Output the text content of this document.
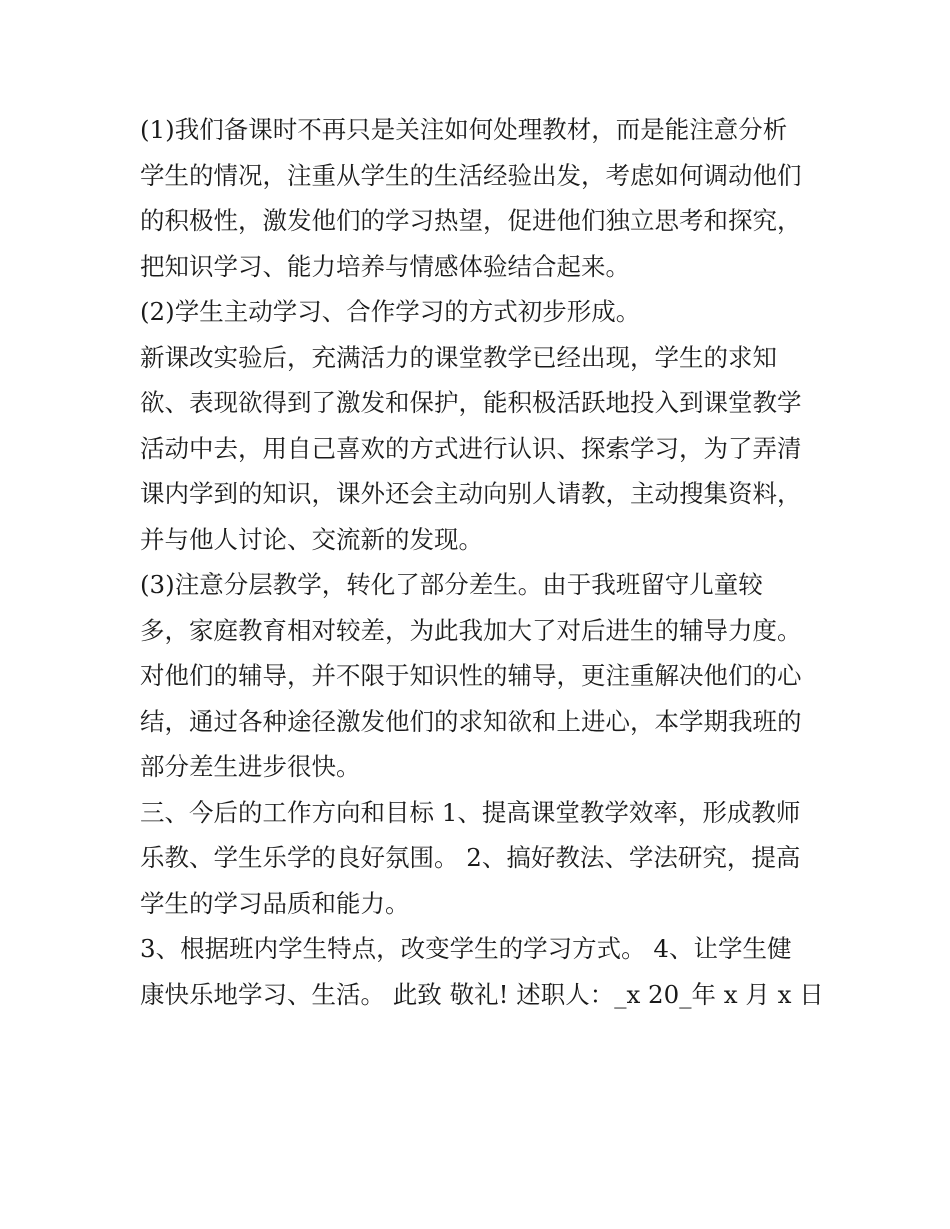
(1)我们备课时不再只是关注如何处理教材，而是能注意分析
学生的情况，注重从学生的生活经验出发，考虑如何调动他们
的积极性，激发他们的学习热望，促进他们独立思考和探究，
把知识学习、能力培养与情感体验结合起来。
(2)学生主动学习、合作学习的方式初步形成。
新课改实验后，充满活力的课堂教学已经出现，学生的求知
欲、表现欲得到了激发和保护，能积极活跃地投入到课堂教学
活动中去，用自己喜欢的方式进行认识、探索学习，为了弄清
课内学到的知识，课外还会主动向别人请教，主动搜集资料，
并与他人讨论、交流新的发现。
(3)注意分层教学，转化了部分差生。由于我班留守儿童较
多，家庭教育相对较差，为此我加大了对后进生的辅导力度。
对他们的辅导，并不限于知识性的辅导，更注重解决他们的心
结，通过各种途径激发他们的求知欲和上进心，本学期我班的
部分差生进步很快。
三、今后的工作方向和目标 1、提高课堂教学效率，形成教师
乐教、学生乐学的良好氛围。 2、搞好教法、学法研究，提高
学生的学习品质和能力。
3、根据班内学生特点，改变学生的学习方式。 4、让学生健
康快乐地学习、生活。 此致 敬礼! 述职人：_x 20_年 x 月 x 日
